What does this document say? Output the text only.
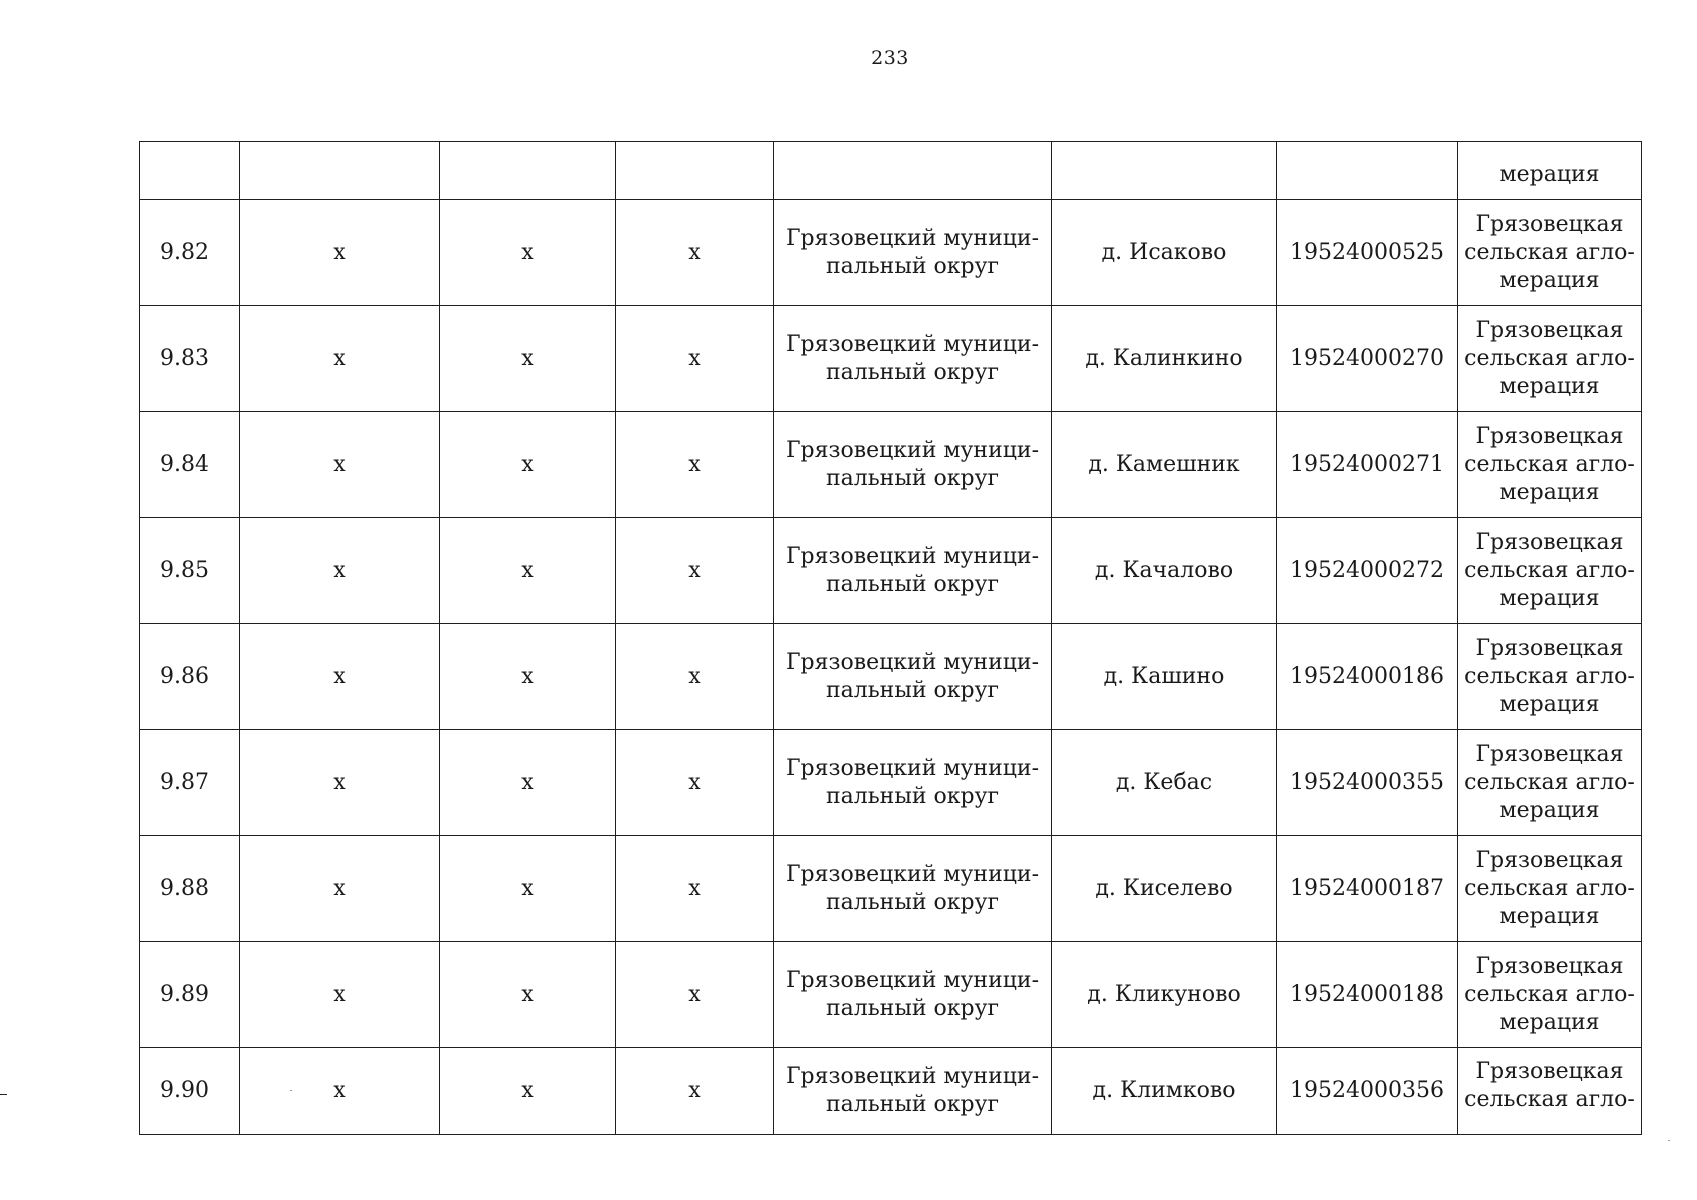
233
							мерация
9.82	х	х	х	Грязовецкий муници-
пальный округ	д. Исаково	19524000525	Грязовецкая
сельская агло-
мерация
9.83	х	х	х	Грязовецкий муници-
пальный округ	д. Калинкино	19524000270	Грязовецкая
сельская агло-
мерация
9.84	х	х	х	Грязовецкий муници-
пальный округ	д. Камешник	19524000271	Грязовецкая
сельская агло-
мерация
9.85	х	х	х	Грязовецкий муници-
пальный округ	д. Качалово	19524000272	Грязовецкая
сельская агло-
мерация
9.86	х	х	х	Грязовецкий муници-
пальный округ	д. Кашино	19524000186	Грязовецкая
сельская агло-
мерация
9.87	х	х	х	Грязовецкий муници-
пальный округ	д. Кебас	19524000355	Грязовецкая
сельская агло-
мерация
9.88	х	х	х	Грязовецкий муници-
пальный округ	д. Киселево	19524000187	Грязовецкая
сельская агло-
мерация
9.89	х	х	х	Грязовецкий муници-
пальный округ	д. Кликуново	19524000188	Грязовецкая
сельская агло-
мерация
9.90	х	х	х	Грязовецкий муници-
пальный округ	д. Климково	19524000356	Грязовецкая
сельская агло-
